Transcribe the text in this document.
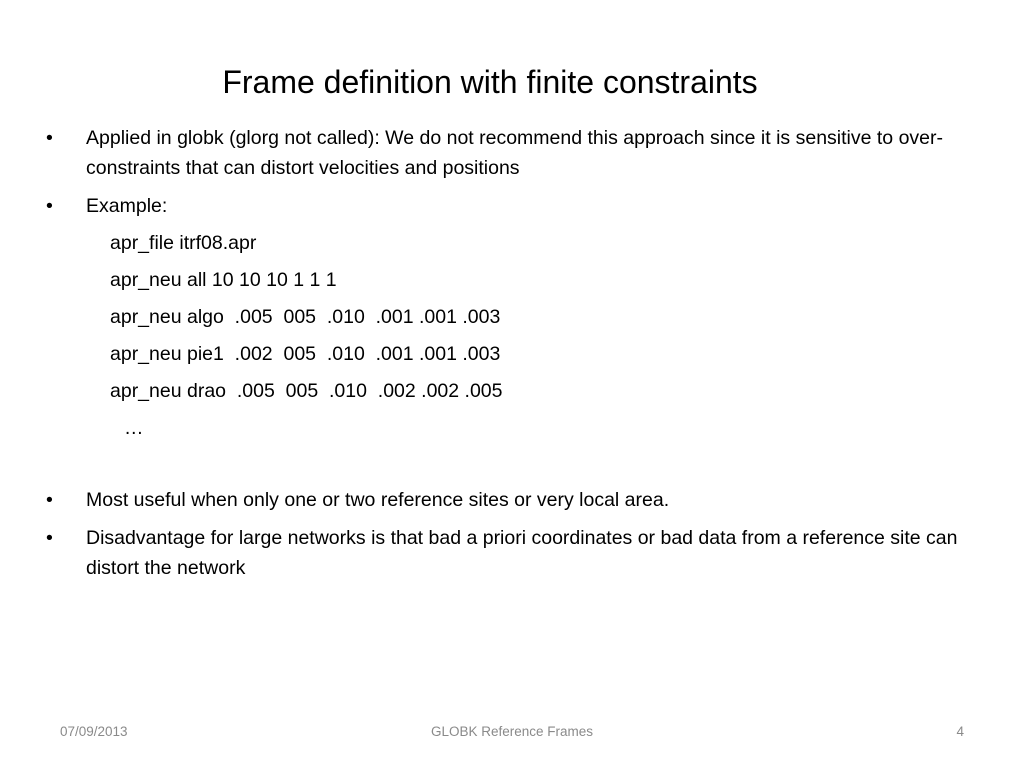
Frame definition with finite constraints
•	Applied in globk (glorg not called): We do not recommend this approach since it is sensitive to over-constraints that can distort velocities and positions
•	Example:
apr_file itrf08.apr
apr_neu all 10 10 10 1 1 1
apr_neu algo  .005  005  .010  .001 .001 .003
apr_neu pie1  .002  005  .010  .001 .001 .003
apr_neu drao  .005  005  .010  .002 .002 .005
…
•	Most useful when only one or two reference sites or very local area.
•	Disadvantage for large networks is that bad a priori coordinates or bad data from a reference site can distort the network
07/09/2013	GLOBK Reference Frames	4
